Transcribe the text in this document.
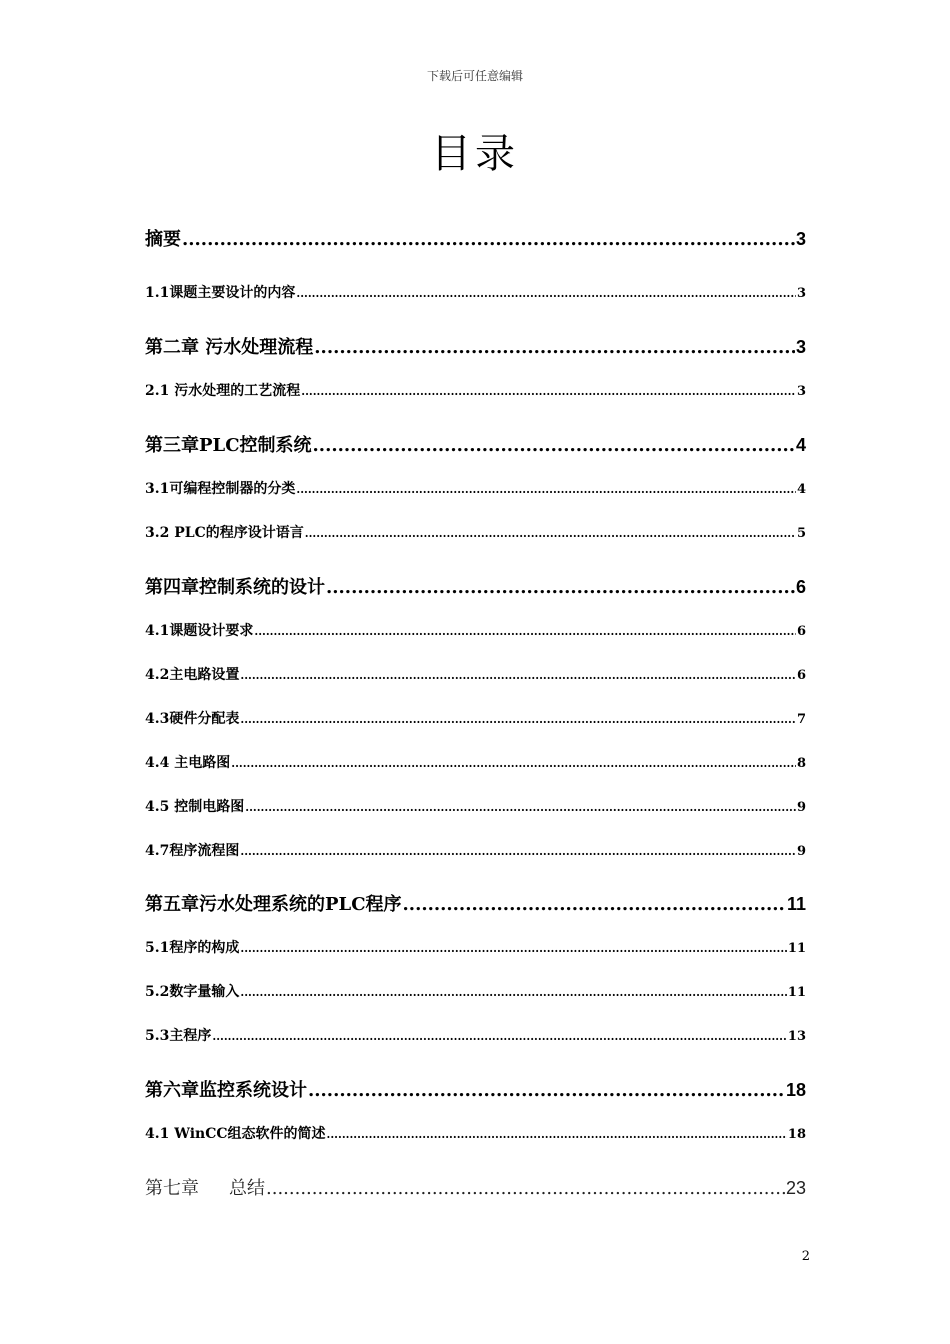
下载后可任意编辑
目录
摘要 .....	3
1.1课题主要设计的内容 .....	3
第二章 污水处理流程 .....	3
2.1 污水处理的工艺流程 .....	3
第三章PLC控制系统 .....	4
3.1可编程控制器的分类 .....	4
3.2 PLC的程序设计语言 .....	5
第四章控制系统的设计 .....	6
4.1课题设计要求 .....	6
4.2主电路设置 .....	6
4.3硬件分配表 .....	7
4.4 主电路图 .....	8
4.5 控制电路图 .....	9
4.7程序流程图 .....	9
第五章污水处理系统的PLC程序 .....	11
5.1程序的构成 .....	11
5.2数字量输入 .....	11
5.3主程序 .....	13
第六章监控系统设计 .....	18
4.1 WinCC组态软件的简述 .....	18
第七章 总结 .....	23
2
